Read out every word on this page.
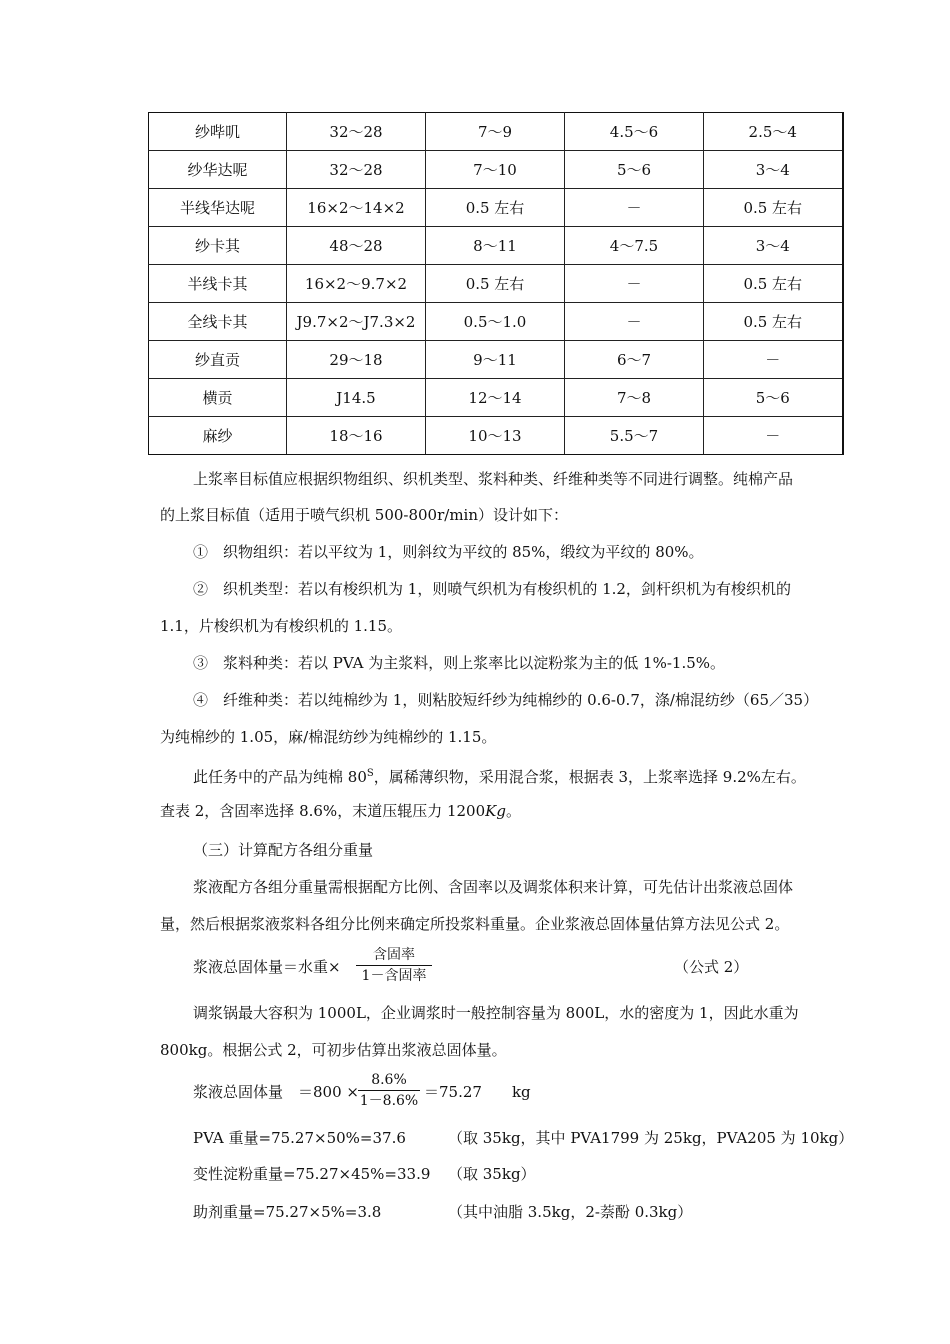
纱哔叽	32～28	7～9	4.5～6	2.5～4
纱华达呢	32～28	7～10	5～6	3～4
半线华达呢	16×2～14×2	0.5 左右	－	0.5 左右
纱卡其	48～28	8～11	4～7.5	3～4
半线卡其	16×2～9.7×2	0.5 左右	－	0.5 左右
全线卡其	J9.7×2～J7.3×2	0.5～1.0	－	0.5 左右
纱直贡	29～18	9～11	6～7	－
横贡	J14.5	12～14	7～8	5～6
麻纱	18～16	10～13	5.5～7	－
上浆率目标值应根据织物组织、织机类型、浆料种类、纤维种类等不同进行调整。纯棉产品
的上浆目标值（适用于喷气织机 500-800r/min）设计如下：
①　织物组织：若以平纹为 1，则斜纹为平纹的 85%，缎纹为平纹的 80%。
②　织机类型：若以有梭织机为 1，则喷气织机为有梭织机的 1.2，剑杆织机为有梭织机的
1.1，片梭织机为有梭织机的 1.15。
③　浆料种类：若以 PVA 为主浆料，则上浆率比以淀粉浆为主的低 1%-1.5%。
④　纤维种类：若以纯棉纱为 1，则粘胶短纤纱为纯棉纱的 0.6-0.7，涤/棉混纺纱（65／35）
为纯棉纱的 1.05，麻/棉混纺纱为纯棉纱的 1.15。
此任务中的产品为纯棉 $80^S$，属稀薄织物，采用混合浆，根据表 3，上浆率选择 9.2%左右。
查表 2，含固率选择 8.6%，末道压辊压力 1200Kg。
（三）计算配方各组分重量
浆液配方各组分重量需根据配方比例、含固率以及调浆体积来计算，可先估计出浆液总固体
量，然后根据浆液浆料各组分比例来确定所投浆料重量。企业浆液总固体量估算方法见公式 2。
浆液总固体量＝水重×
含固率
1－含固率	（公式 2）
调浆锅最大容积为 1000L，企业调浆时一般控制容量为 800L，水的密度为 1，因此水重为
800kg。根据公式 2，可初步估算出浆液总固体量。
浆液总固体量　＝800 ×
8.6%
1－8.6% ＝75.27　　kg
PVA 重量=75.27×50%=37.6	（取 35kg，其中 PVA1799 为 25kg，PVA205 为 10kg）
变性淀粉重量=75.27×45%=33.9 （取 35kg）
助剂重量=75.27×5%=3.8	（其中油脂 3.5kg，2-萘酚 0.3kg）
